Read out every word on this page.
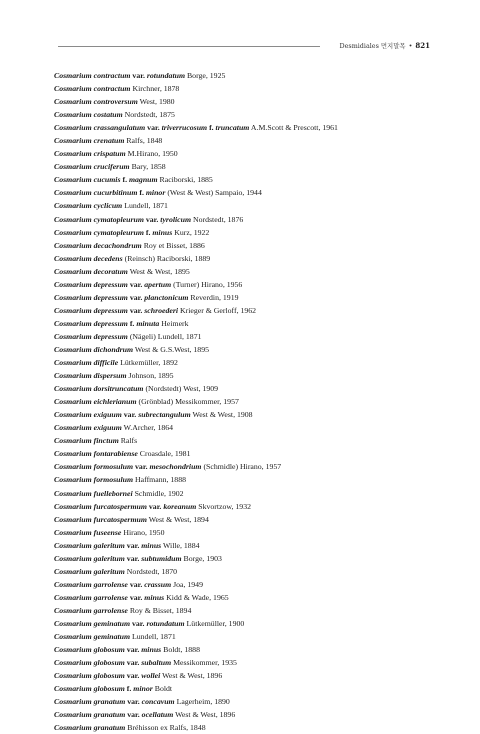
Desmidiales 먼지말목 • 821
Cosmarium contractum var. rotundatum Borge, 1925
Cosmarium contractum Kirchner, 1878
Cosmarium controversum West, 1980
Cosmarium costatum Nordstedt, 1875
Cosmarium crassangulatum var. triverrucosum f. truncatum A.M.Scott & Prescott, 1961
Cosmarium crenatum Ralfs, 1848
Cosmarium crispatum M.Hirano, 1950
Cosmarium cruciferum Bary, 1858
Cosmarium cucumis f. magnum Raciborski, 1885
Cosmarium cucurbitinum f. minor (West & West) Sampaio, 1944
Cosmarium cyclicum Lundell, 1871
Cosmarium cymatopleurum var. tyrolicum Nordstedt, 1876
Cosmarium cymatopleurum f. minus Kurz, 1922
Cosmarium decachondrum Roy et Bisset, 1886
Cosmarium decedens (Reinsch) Raciborski, 1889
Cosmarium decoratum West & West, 1895
Cosmarium depressum var. apertum (Turner) Hirano, 1956
Cosmarium depressum var. planctonicum Reverdin, 1919
Cosmarium depressum var. schroederi Krieger & Gerloff, 1962
Cosmarium depressum f. minuta Heimerk
Cosmarium depressum (Nägeli) Lundell, 1871
Cosmarium dichondrum West & G.S.West, 1895
Cosmarium difficile Lütkemüller, 1892
Cosmarium dispersum Johnson, 1895
Cosmarium dorsitruncatum (Nordstedt) West, 1909
Cosmarium eichlerianum (Grönblad) Messikommer, 1957
Cosmarium exiguum var. subrectangulum West & West, 1908
Cosmarium exiguum W.Archer, 1864
Cosmarium finctum Ralfs
Cosmarium fontarabiense Croasdale, 1981
Cosmarium formosulum var. mesochondrium (Schmidle) Hirano, 1957
Cosmarium formosulum Haffmann, 1888
Cosmarium fuellebornei Schmidle, 1902
Cosmarium furcatospermum var. koreanum Skvortzow, 1932
Cosmarium furcatospermum West & West, 1894
Cosmarium fuseense Hirano, 1950
Cosmarium galeritum var. minus Wille, 1884
Cosmarium galeritum var. subtumidum Borge, 1903
Cosmarium galeritum Nordstedt, 1870
Cosmarium garrolense var. crassum Joa, 1949
Cosmarium garrolense var. minus Kidd & Wade, 1965
Cosmarium garrolense Roy & Bisset, 1894
Cosmarium geminatum var. rotundatum Lütkemüller, 1900
Cosmarium geminatum Lundell, 1871
Cosmarium globosum var. minus Boldt, 1888
Cosmarium globosum var. subaltum Messikommer, 1935
Cosmarium globosum var. wollei West & West, 1896
Cosmarium globosum f. minor Boldt
Cosmarium granatum var. concavum Lagerheim, 1890
Cosmarium granatum var. ocellatum West & West, 1896
Cosmarium granatum Bréhisson ex Ralfs, 1848
